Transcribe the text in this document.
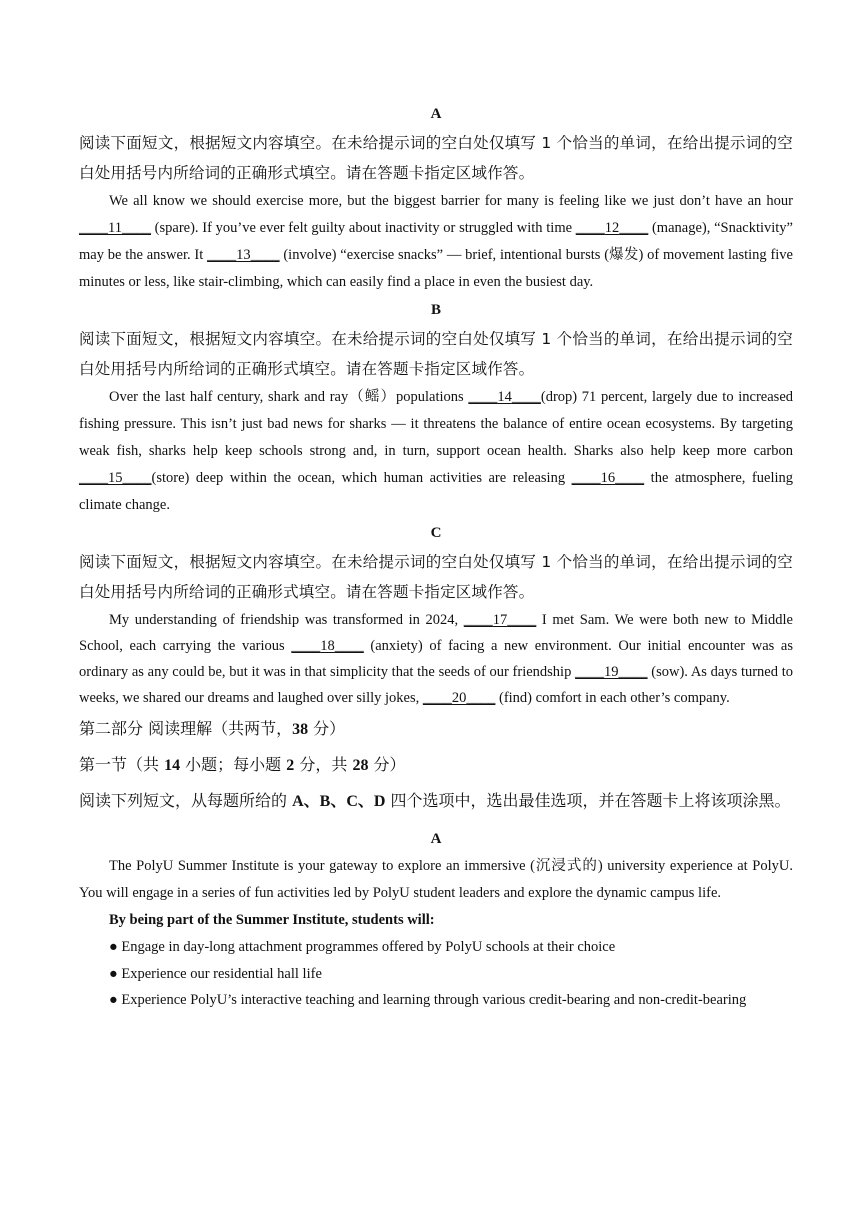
A
阅读下面短文，根据短文内容填空。在未给提示词的空白处仅填写 1 个恰当的单词，在给出提示词的空白处用括号内所给词的正确形式填空。请在答题卡指定区域作答。

We all know we should exercise more, but the biggest barrier for many is feeling like we just don’t have an hour ____11____ (spare). If you’ve ever felt guilty about inactivity or struggled with time ____12____ (manage), “Snacktivity” may be the answer. It ____13____ (involve) “exercise snacks” — brief, intentional bursts (爆发) of movement lasting five minutes or less, like stair-climbing, which can easily find a place in even the busiest day.

B
阅读下面短文，根据短文内容填空。在未给提示词的空白处仅填写 1 个恰当的单词，在给出提示词的空白处用括号内所给词的正确形式填空。请在答题卡指定区域作答。

Over the last half century, shark and ray（鳐）populations ____14____(drop) 71 percent, largely due to increased fishing pressure. This isn’t just bad news for sharks — it threatens the balance of entire ocean ecosystems. By targeting weak fish, sharks help keep schools strong and, in turn, support ocean health. Sharks also help keep more carbon ____15____(store) deep within the ocean, which human activities are releasing ____16____ the atmosphere, fueling climate change.

C
阅读下面短文，根据短文内容填空。在未给提示词的空白处仅填写 1 个恰当的单词，在给出提示词的空白处用括号内所给词的正确形式填空。请在答题卡指定区域作答。

My understanding of friendship was transformed in 2024, ____17____ I met Sam. We were both new to Middle School, each carrying the various ____18____ (anxiety) of facing a new environment. Our initial encounter was as ordinary as any could be, but it was in that simplicity that the seeds of our friendship ____19____ (sow). As days turned to weeks, we shared our dreams and laughed over silly jokes, ____20____ (find) comfort in each other’s company.

第二部分 阅读理解（共两节，38 分）
第一节（共 14 小题；每小题 2 分，共 28 分）
阅读下列短文，从每题所给的 A、B、C、D 四个选项中，选出最佳选项，并在答题卡上将该项涂黑。
A

The PolyU Summer Institute is your gateway to explore an immersive (沉浸式的) university experience at PolyU. You will engage in a series of fun activities led by PolyU student leaders and explore the dynamic campus life.

By being part of the Summer Institute, students will:
● Engage in day-long attachment programmes offered by PolyU schools at their choice
● Experience our residential hall life
● Experience PolyU’s interactive teaching and learning through various credit-bearing and non-credit-bearing
